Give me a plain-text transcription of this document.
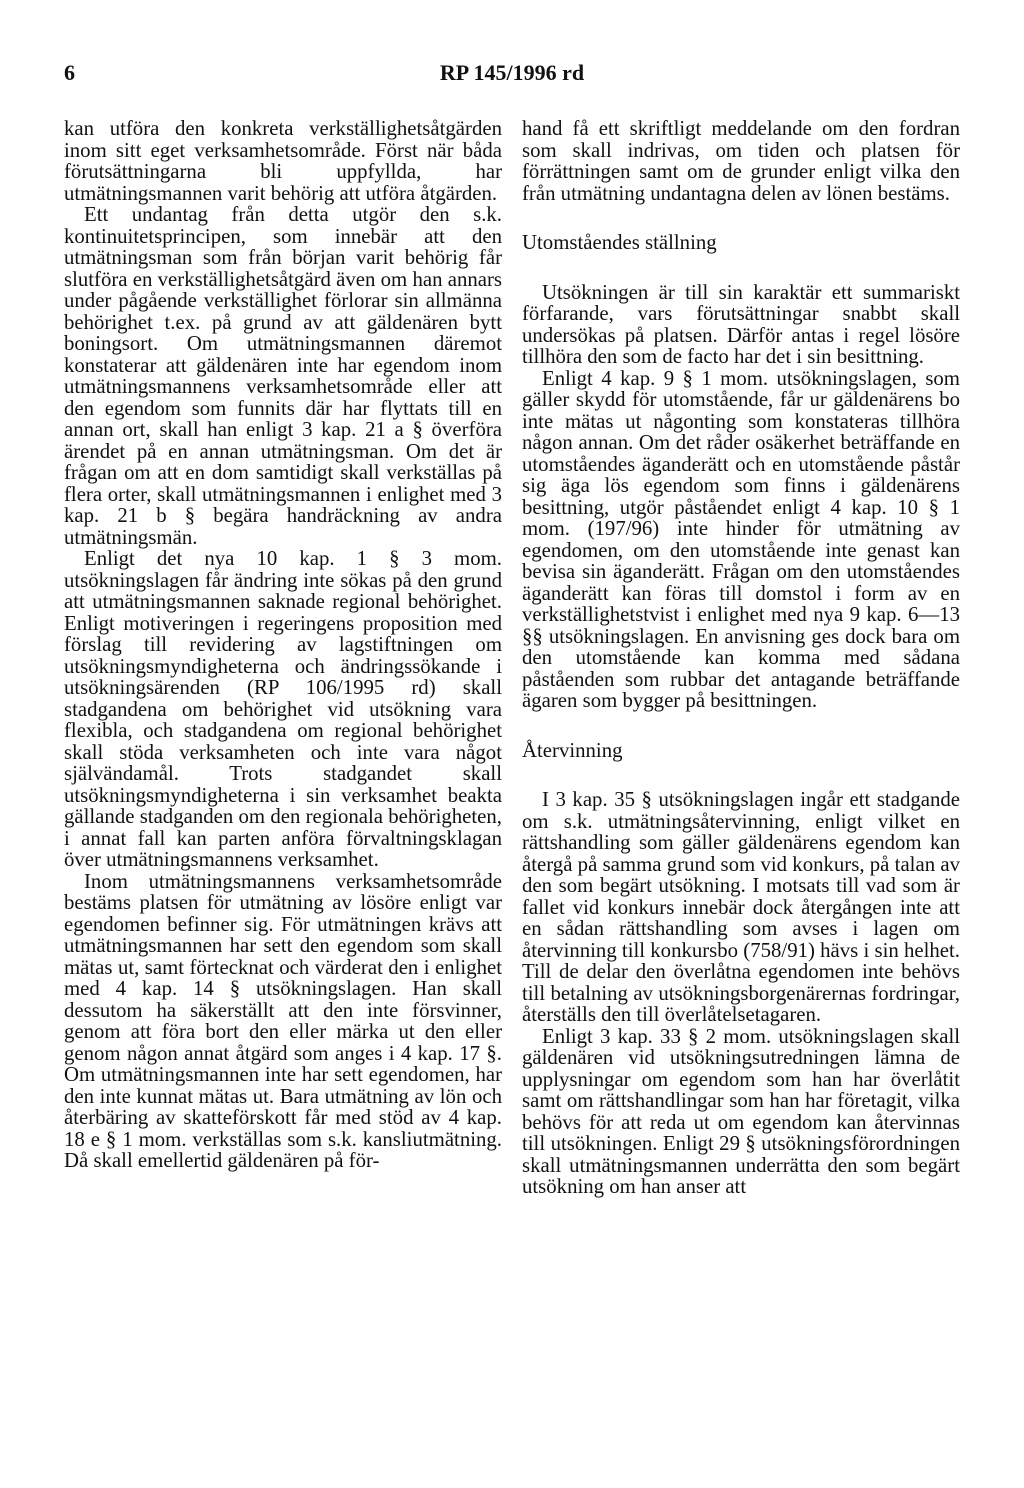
6	RP 145/1996 rd

kan utföra den konkreta verkställighetsåtgärden inom sitt eget verksamhetsområde. Först när båda förutsättningarna bli uppfyllda, har utmätningsmannen varit behörig att utföra åtgärden.

Ett undantag från detta utgör den s.k. kontinuitetsprincipen, som innebär att den utmätningsman som från början varit behörig får slutföra en verkställighetsåtgärd även om han annars under pågående verkställighet förlorar sin allmänna behörighet t.ex. på grund av att gäldenären bytt boningsort. Om utmätningsmannen däremot konstaterar att gäldenären inte har egendom inom utmätningsmannens verksamhetsområde eller att den egendom som funnits där har flyttats till en annan ort, skall han enligt 3 kap. 21 a § överföra ärendet på en annan utmätningsman. Om det är frågan om att en dom samtidigt skall verkställas på flera orter, skall utmätningsmannen i enlighet med 3 kap. 21 b § begära handräckning av andra utmätningsmän.

Enligt det nya 10 kap. 1 § 3 mom. utsökningslagen får ändring inte sökas på den grund att utmätningsmannen saknade regional behörighet. Enligt motiveringen i regeringens proposition med förslag till revidering av lagstiftningen om utsökningsmyndigheterna och ändringssökande i utsökningsärenden (RP 106/1995 rd) skall stadgandena om behörighet vid utsökning vara flexibla, och stadgandena om regional behörighet skall stöda verksamheten och inte vara något självändamål. Trots stadgandet skall utsökningsmyndigheterna i sin verksamhet beakta gällande stadganden om den regionala behörigheten, i annat fall kan parten anföra förvaltningsklagan över utmätningsmannens verksamhet.

Inom utmätningsmannens verksamhetsområde bestäms platsen för utmätning av lösöre enligt var egendomen befinner sig. För utmätningen krävs att utmätningsmannen har sett den egendom som skall mätas ut, samt förtecknat och värderat den i enlighet med 4 kap. 14 § utsökningslagen. Han skall dessutom ha säkerställt att den inte försvinner, genom att föra bort den eller märka ut den eller genom någon annat åtgärd som anges i 4 kap. 17 §. Om utmätningsmannen inte har sett egendomen, har den inte kunnat mätas ut. Bara utmätning av lön och återbäring av skatteförskott får med stöd av 4 kap. 18 e § 1 mom. verkställas som s.k. kansliutmätning. Då skall emellertid gäldenären på för-

hand få ett skriftligt meddelande om den fordran som skall indrivas, om tiden och platsen för förrättningen samt om de grunder enligt vilka den från utmätning undantagna delen av lönen bestäms.

Utomståendes ställning

Utsökningen är till sin karaktär ett summariskt förfarande, vars förutsättningar snabbt skall undersökas på platsen. Därför antas i regel lösöre tillhöra den som de facto har det i sin besittning.

Enligt 4 kap. 9 § 1 mom. utsökningslagen, som gäller skydd för utomstående, får ur gäldenärens bo inte mätas ut någonting som konstateras tillhöra någon annan. Om det råder osäkerhet beträffande en utomståendes äganderätt och en utomstående påstår sig äga lös egendom som finns i gäldenärens besittning, utgör påståendet enligt 4 kap. 10 § 1 mom. (197/96) inte hinder för utmätning av egendomen, om den utomstående inte genast kan bevisa sin äganderätt. Frågan om den utomståendes äganderätt kan föras till domstol i form av en verkställighetstvist i enlighet med nya 9 kap. 6—13 §§ utsökningslagen. En anvisning ges dock bara om den utomstående kan komma med sådana påståenden som rubbar det antagande beträffande ägaren som bygger på besittningen.

Återvinning

I 3 kap. 35 § utsökningslagen ingår ett stadgande om s.k. utmätningsåtervinning, enligt vilket en rättshandling som gäller gäldenärens egendom kan återgå på samma grund som vid konkurs, på talan av den som begärt utsökning. I motsats till vad som är fallet vid konkurs innebär dock återgången inte att en sådan rättshandling som avses i lagen om återvinning till konkursbo (758/91) hävs i sin helhet. Till de delar den överlåtna egendomen inte behövs till betalning av utsökningsborgenärernas fordringar, återställs den till överlåtelsetagaren.

Enligt 3 kap. 33 § 2 mom. utsökningslagen skall gäldenären vid utsökningsutredningen lämna de upplysningar om egendom som han har överlåtit samt om rättshandlingar som han har företagit, vilka behövs för att reda ut om egendom kan återvinnas till utsökningen. Enligt 29 § utsökningsförordningen skall utmätningsmannen underrätta den som begärt utsökning om han anser att
